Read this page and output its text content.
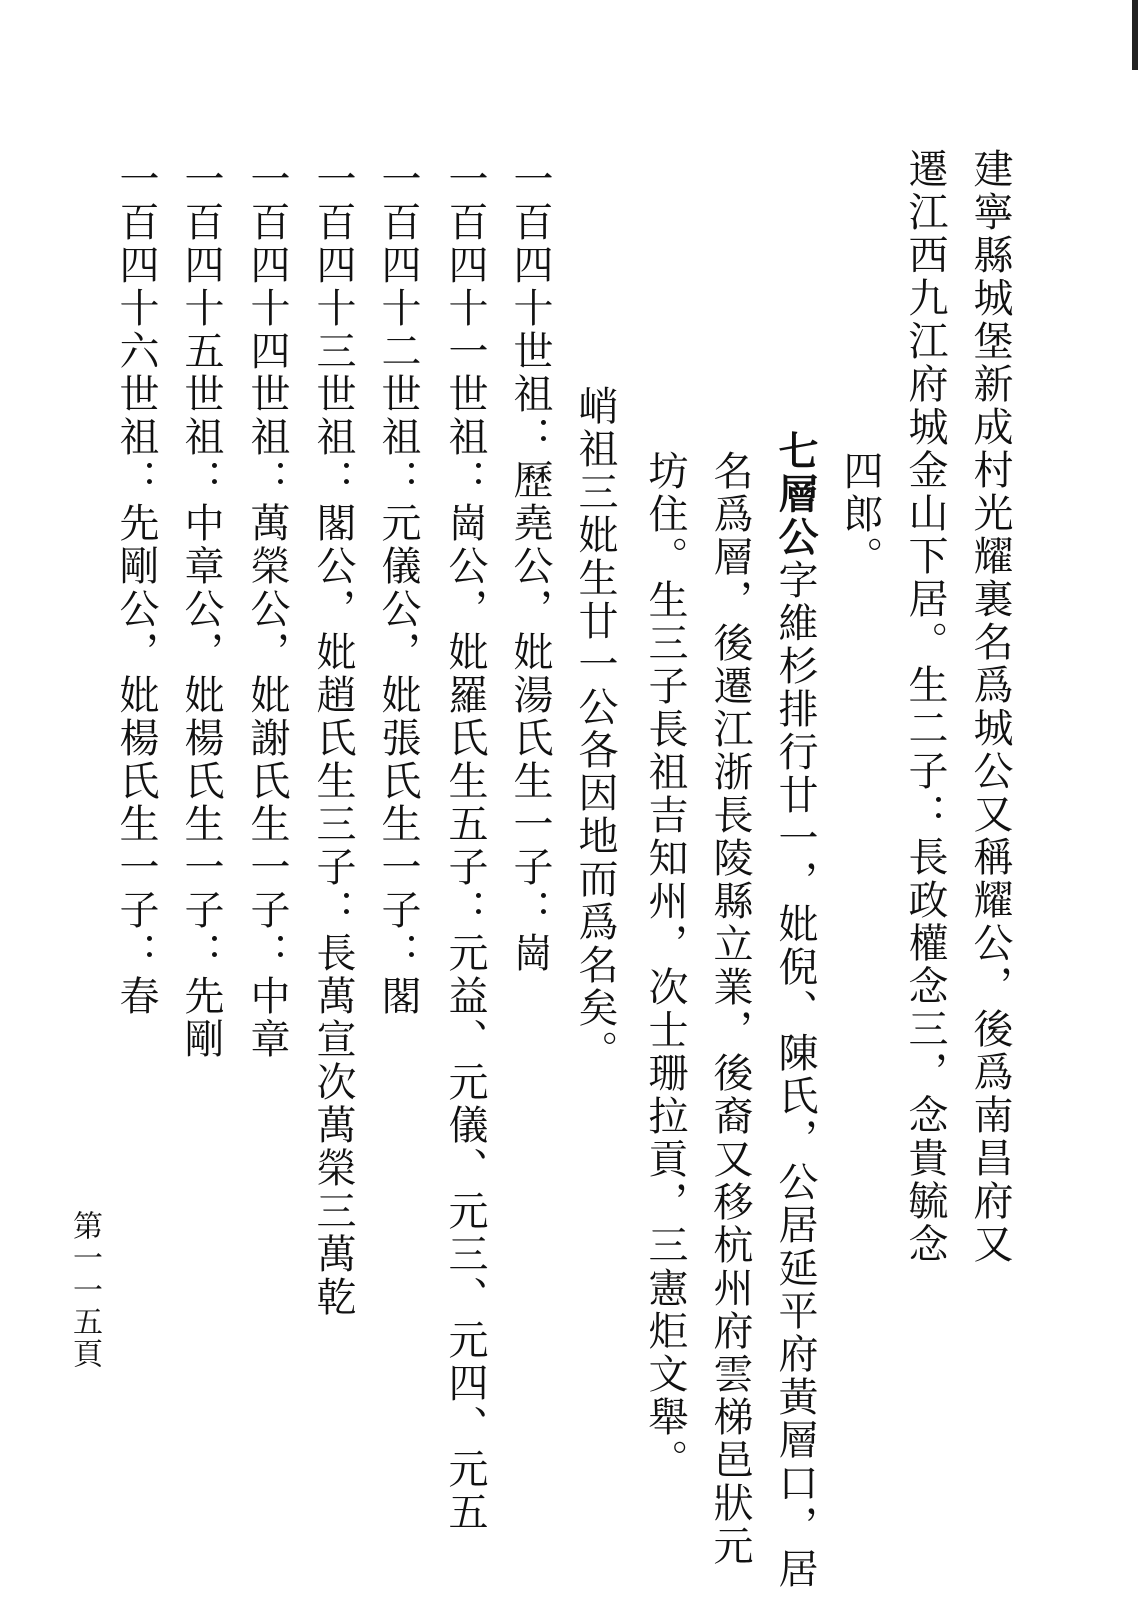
建寧縣城堡新成村光耀裏名爲城公又稱耀公，後爲南昌府又
遷江西九江府城金山下居。生二子：長政權念三，念貴毓念
四郎。
七層公字維杉排行廿一，妣倪、陳氏，公居延平府黃層口，居
名爲層，後遷江浙長陵縣立業，後裔又移杭州府雲梯邑狀元
坊住。生三子長祖吉知州，次士珊拉貢，三憲炬文舉。
峭祖三妣生廿一公各因地而爲名矣。
一百四十世祖：歷堯公，妣湯氏生一子：崗
一百四十一世祖：崗公，妣羅氏生五子：元益、元儀、元三、元四、元五
一百四十二世祖：元儀公，妣張氏生一子：閣
一百四十三世祖：閣公，妣趙氏生三子：長萬宣次萬榮三萬乾
一百四十四世祖：萬榮公，妣謝氏生一子：中章
一百四十五世祖：中章公，妣楊氏生一子：先剛
一百四十六世祖：先剛公，妣楊氏生一子：春
第一一五頁
